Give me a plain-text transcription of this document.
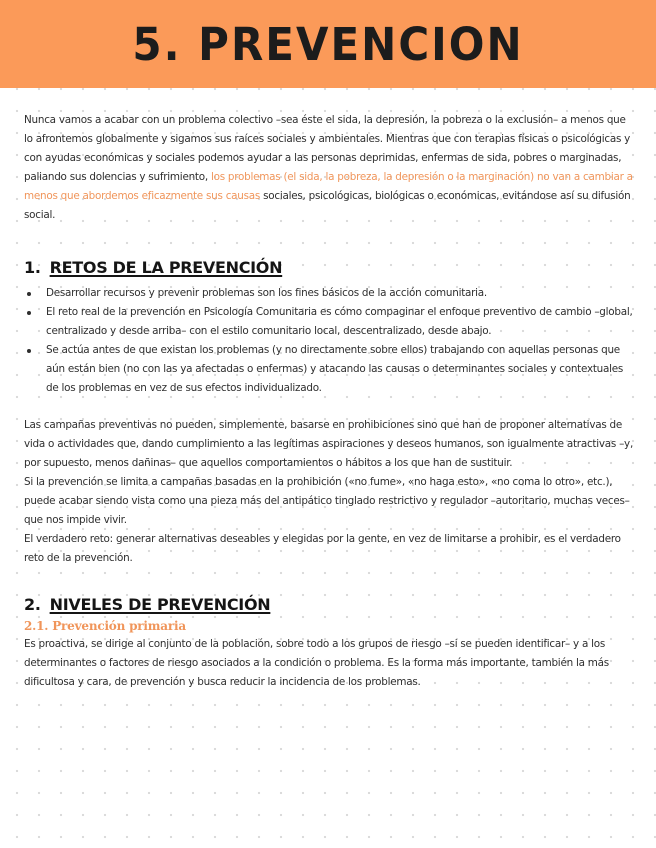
5. PREVENCION

Nunca vamos a acabar con un problema colectivo –sea éste el sida, la depresión, la pobreza o la exclusión– a menos que lo afrontemos globalmente y sigamos sus raíces sociales y ambientales. Mientras que con terapias físicas o psicológicas y con ayudas económicas y sociales podemos ayudar a las personas deprimidas, enfermas de sida, pobres o marginadas, paliando sus dolencias y sufrimiento, los problemas (el sida, la pobreza, la depresión o la marginación) no van a cambiar a menos que abordemos eficazmente sus causas sociales, psicológicas, biológicas o económicas, evitándose así su difusión social.

1. RETOS DE LA PREVENCIÓN
Desarrollar recursos y prevenir problemas son los fines básicos de la acción comunitaria.
El reto real de la prevención en Psicología Comunitaria es cómo compaginar el enfoque preventivo de cambio –global, centralizado y desde arriba– con el estilo comunitario local, descentralizado, desde abajo.
Se actúa antes de que existan los problemas (y no directamente sobre ellos) trabajando con aquellas personas que aún están bien (no con las ya afectadas o enfermas) y atacando las causas o determinantes sociales y contextuales de los problemas en vez de sus efectos individualizado.

Las campañas preventivas no pueden, simplemente, basarse en prohibiciones sino que han de proponer alternativas de vida o actividades que, dando cumplimiento a las legítimas aspiraciones y deseos humanos, son igualmente atractivas –y, por supuesto, menos dañinas– que aquellos comportamientos o hábitos a los que han de sustituir.

Si la prevención se limita a campañas basadas en la prohibición («no fume», «no haga esto», «no coma lo otro», etc.), puede acabar siendo vista como una pieza más del antipático tinglado restrictivo y regulador –autoritario, muchas veces– que nos impide vivir.

El verdadero reto: generar alternativas deseables y elegidas por la gente, en vez de limitarse a prohibir, es el verdadero reto de la prevención.

2. NIVELES DE PREVENCIÓN
2.1. Prevención primaria

Es proactiva, se dirige al conjunto de la población, sobre todo a los grupos de riesgo –si se pueden identificar– y a los determinantes o factores de riesgo asociados a la condición o problema. Es la forma más importante, también la más dificultosa y cara, de prevención y busca reducir la incidencia de los problemas.
